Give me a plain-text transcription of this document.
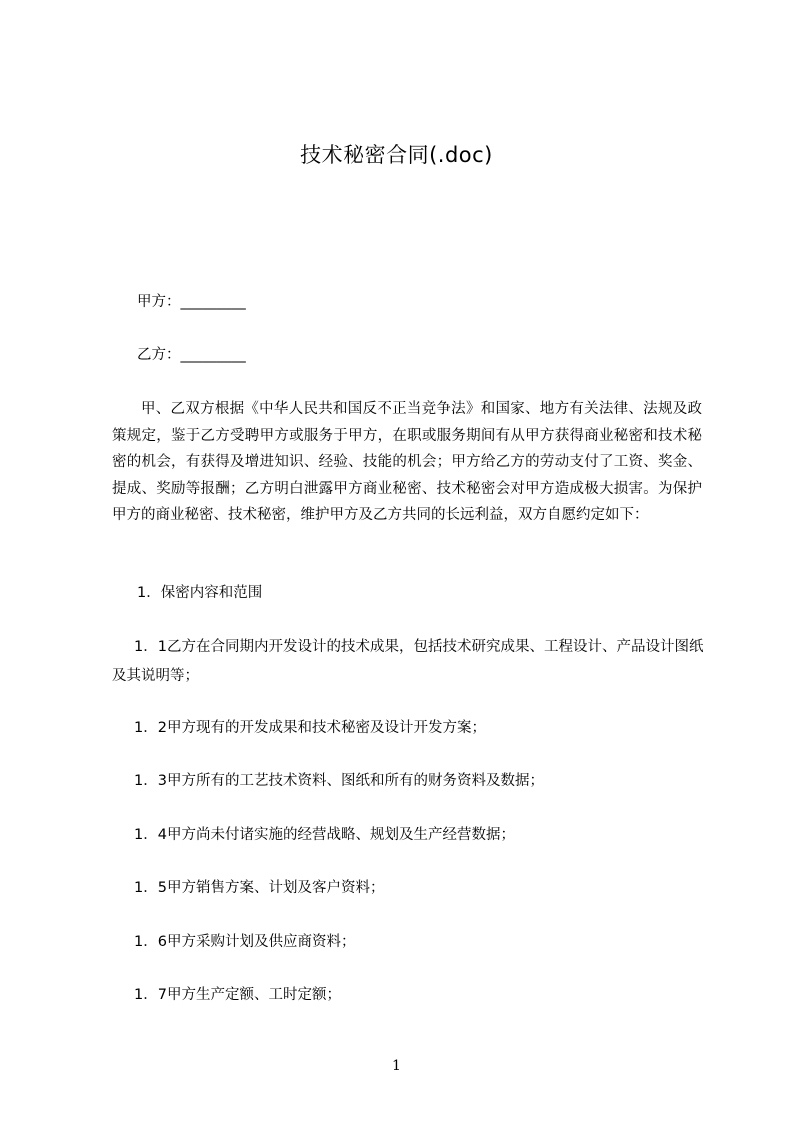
技术秘密合同(.doc)
甲方：_________
乙方：_________
甲、乙双方根据《中华人民共和国反不正当竞争法》和国家、地方有关法律、法规及政策规定，鉴于乙方受聘甲方或服务于甲方，在职或服务期间有从甲方获得商业秘密和技术秘密的机会，有获得及增进知识、经验、技能的机会；甲方给乙方的劳动支付了工资、奖金、提成、奖励等报酬；乙方明白泄露甲方商业秘密、技术秘密会对甲方造成极大损害。为保护甲方的商业秘密、技术秘密，维护甲方及乙方共同的长远利益，双方自愿约定如下：
1．保密内容和范围
1．1乙方在合同期内开发设计的技术成果，包括技术研究成果、工程设计、产品设计图纸及其说明等；
1．2甲方现有的开发成果和技术秘密及设计开发方案；
1．3甲方所有的工艺技术资料、图纸和所有的财务资料及数据；
1．4甲方尚未付诸实施的经营战略、规划及生产经营数据；
1．5甲方销售方案、计划及客户资料；
1．6甲方采购计划及供应商资料；
1．7甲方生产定额、工时定额；
1
